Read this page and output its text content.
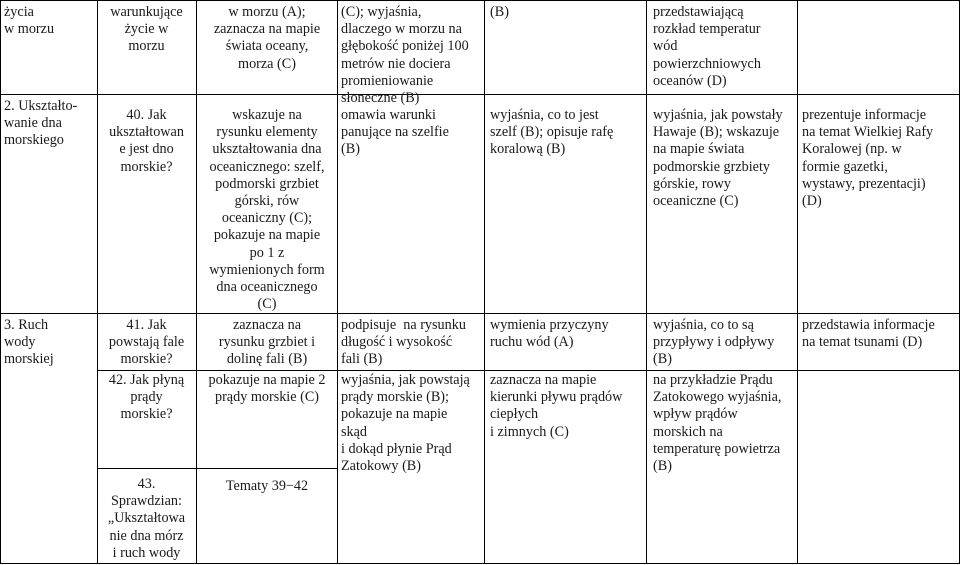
życia
w morzu
2. Ukształto-
wanie dna
morskiego
3. Ruch
wody
morskiej
warunkujące
życie w
morzu
40. Jak
ukształtowan
e jest dno
morskie?
41. Jak
powstają fale
morskie?
42. Jak płyną
prądy
morskie?
43.
Sprawdzian:
„Ukształtowa
nie dna mórz
i ruch wody
w morzu (A);
zaznacza na mapie
świata oceany,
morza (C)
wskazuje na
rysunku elementy
ukształtowania dna
oceanicznego: szelf,
podmorski grzbiet
górski, rów
oceaniczny (C);
pokazuje na mapie
po 1 z
wymienionych form
dna oceanicznego
(C)
zaznacza na
rysunku grzbiet i
dolinę fali (B)
pokazuje na mapie 2
prądy morskie (C)
Tematy 39−42
(C); wyjaśnia,
dlaczego w morzu na
głębokość poniżej 100
metrów nie dociera
promieniowanie
słoneczne (B)
omawia warunki
panujące na szelfie
(B)
podpisuje  na rysunku
długość i wysokość
fali (B)
wyjaśnia, jak powstają
prądy morskie (B);
pokazuje na mapie
skąd
i dokąd płynie Prąd
Zatokowy (B)
(B)
wyjaśnia, co to jest
szelf (B); opisuje rafę
koralową (B)
wymienia przyczyny
ruchu wód (A)
zaznacza na mapie
kierunki pływu prądów
ciepłych
i zimnych (C)
przedstawiającą
rozkład temperatur
wód
powierzchniowych
oceanów (D)
wyjaśnia, jak powstały
Hawaje (B); wskazuje
na mapie świata
podmorskie grzbiety
górskie, rowy
oceaniczne (C)
wyjaśnia, co to są
przypływy i odpływy
(B)
na przykładzie Prądu
Zatokowego wyjaśnia,
wpływ prądów
morskich na
temperaturę powietrza
(B)
prezentuje informacje
na temat Wielkiej Rafy
Koralowej (np. w
formie gazetki,
wystawy, prezentacji)
(D)
przedstawia informacje
na temat tsunami (D)
